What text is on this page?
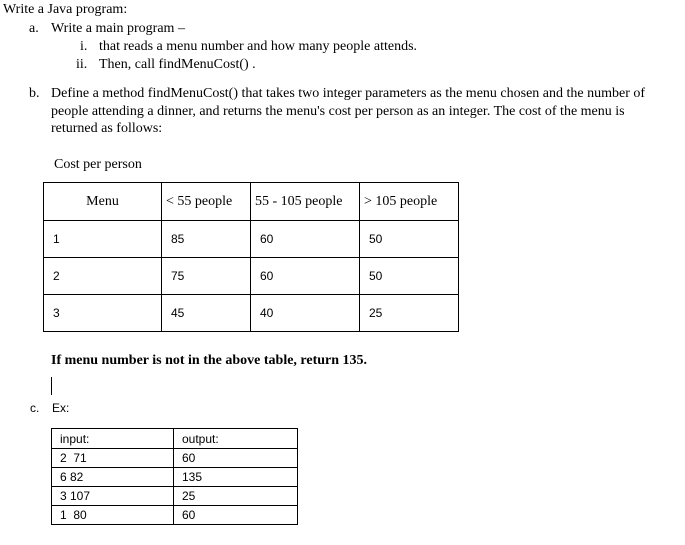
Write a Java program:
a. Write a main program –
i. that reads a menu number and how many people attends.
ii. Then, call findMenuCost() .
b. Define a method findMenuCost() that takes two integer parameters as the menu chosen and the number of
people attending a dinner, and returns the menu's cost per person as an integer. The cost of the menu is
returned as follows:
Cost per person
Menu	< 55 people	55 - 105 people	> 105 people
1	85	60	50
2	75	60	50
3	45	40	25
If menu number is not in the above table, return 135.
c. Ex:
input:	output:
2  71	60
6 82	135
3 107	25
1  80	60
